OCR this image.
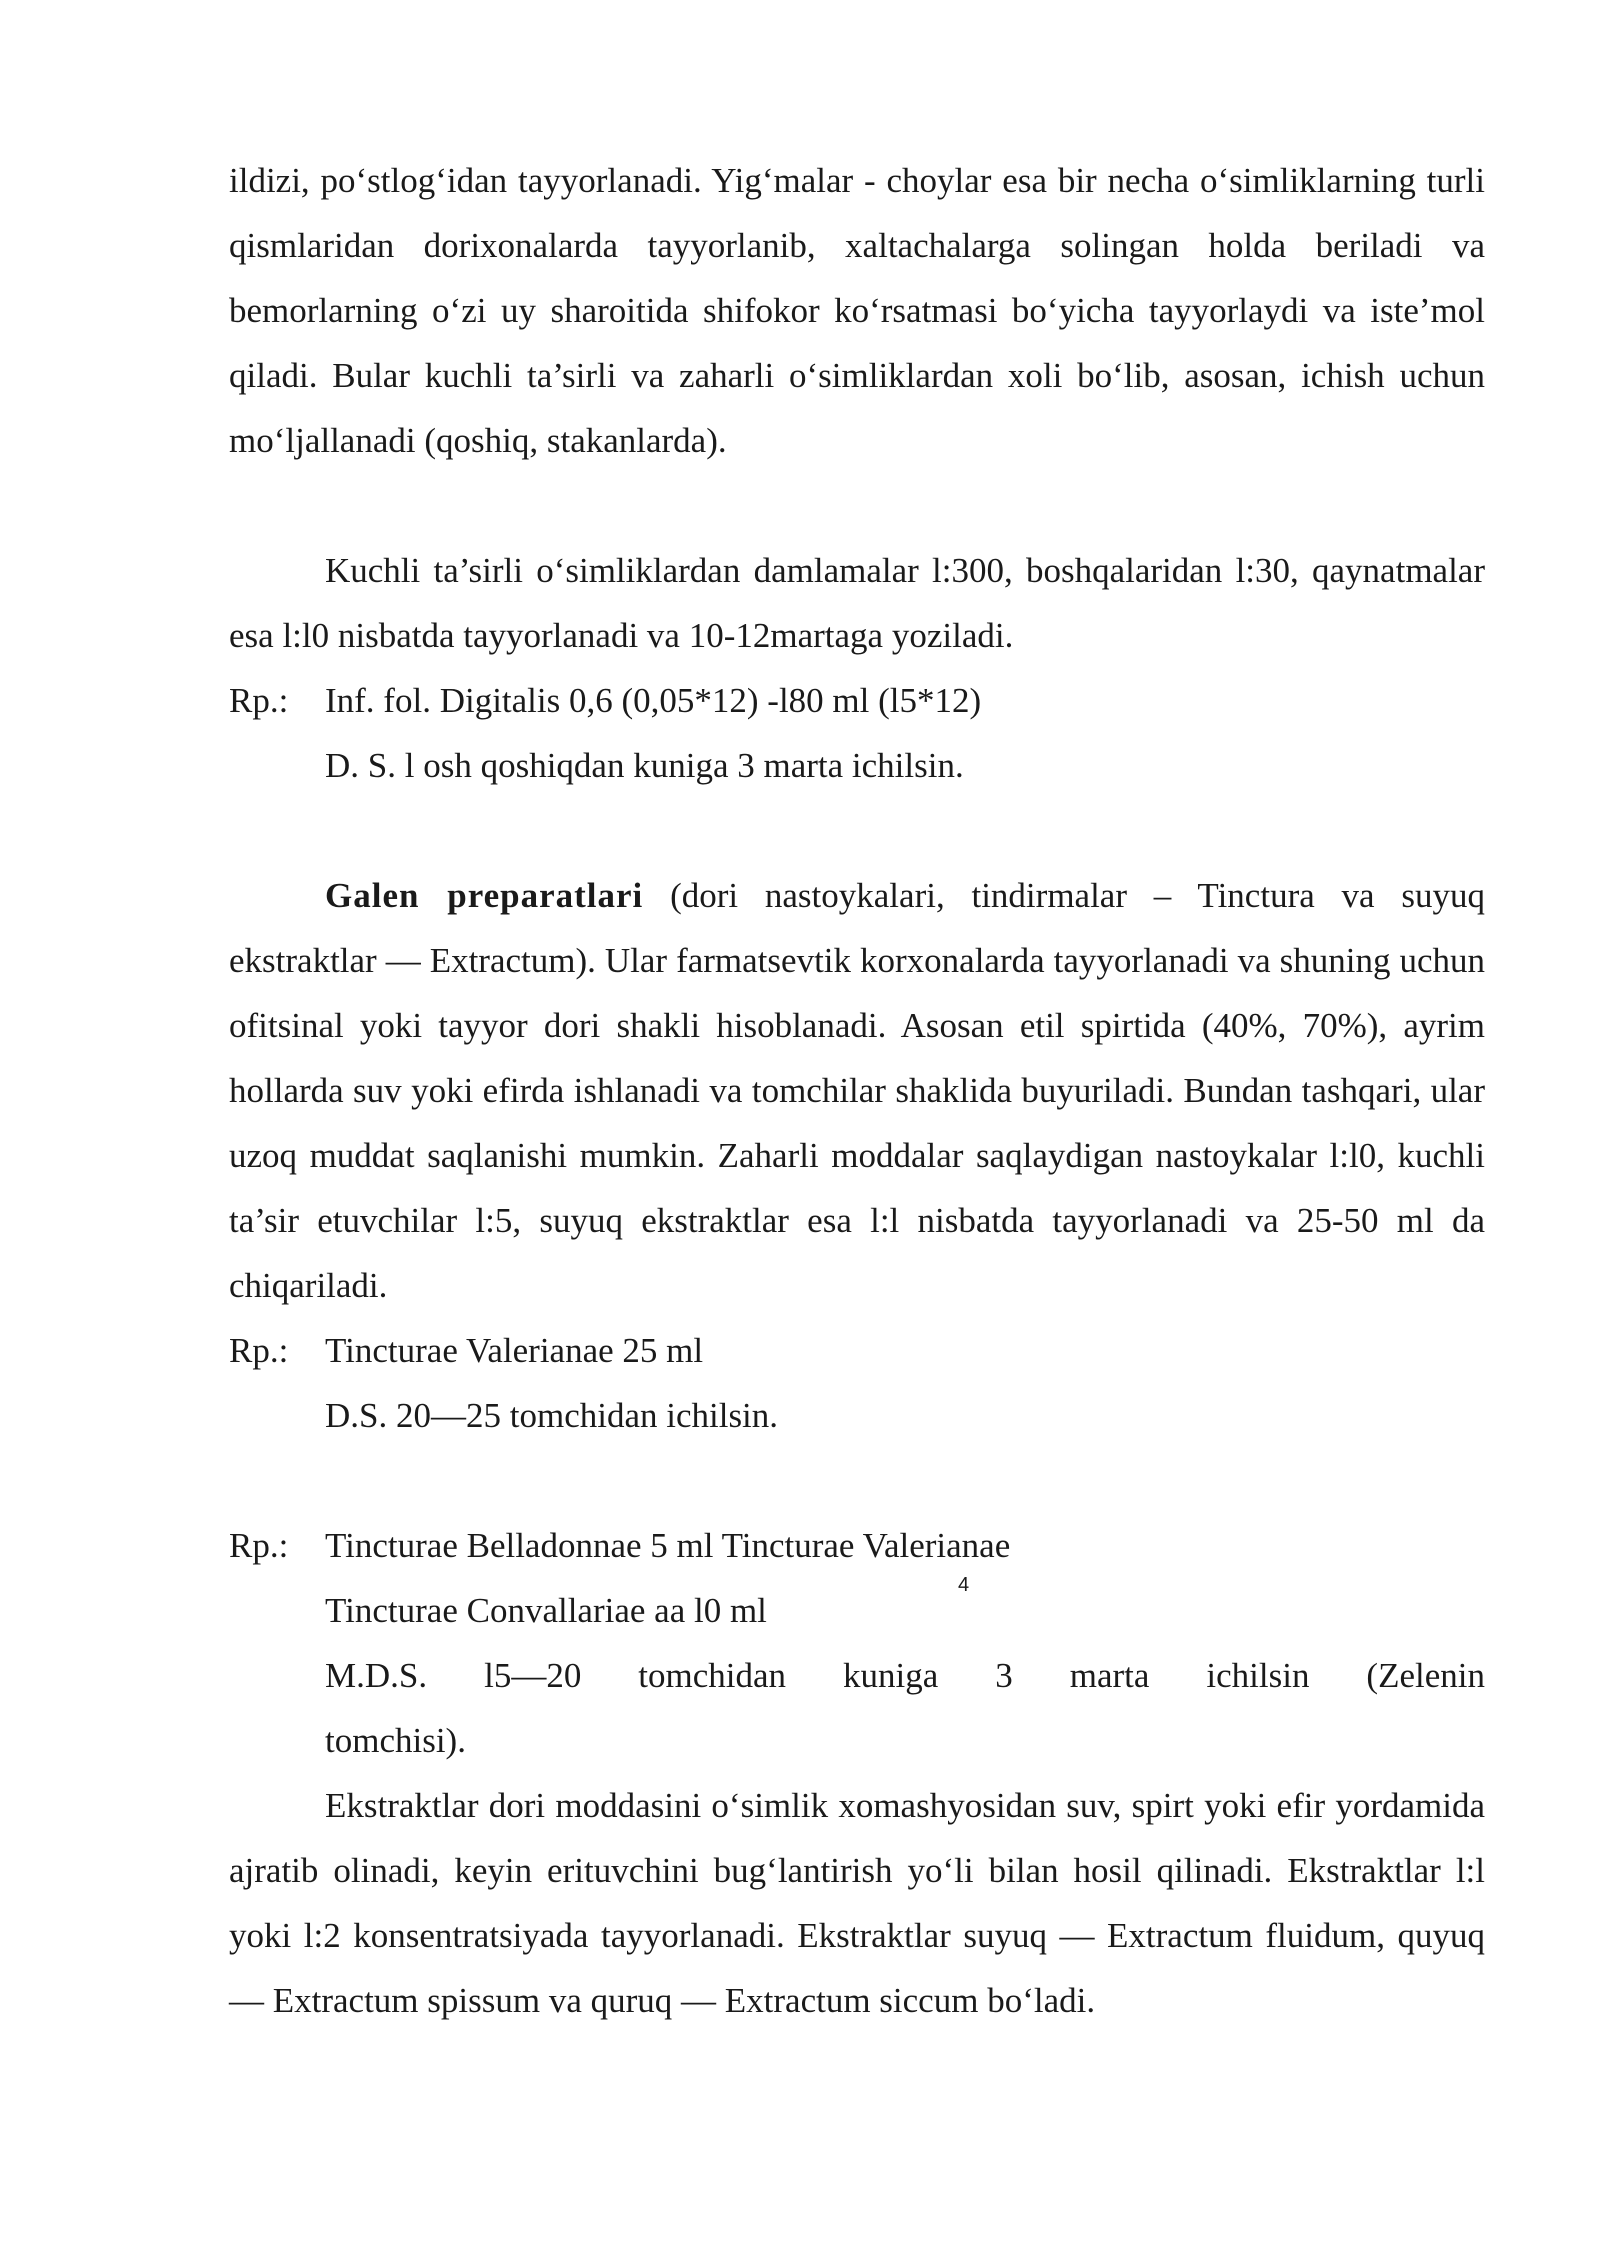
ildizi, po‘stlog‘idan tayyorlanadi. Yig‘malar - choylar esa bir necha o‘simliklarning turli qismlaridan dorixonalarda tayyorlanib, xaltachalarga solingan holda beriladi va bemorlarning o‘zi uy sharoitida shifokor ko‘rsatmasi bo‘yicha tayyorlaydi va iste’mol qiladi. Bular kuchli ta’sirli va zaharli o‘simliklardan xoli bo‘lib, asosan, ichish uchun mo‘ljallanadi (qoshiq, stakanlarda).

Kuchli ta’sirli o‘simliklardan damlamalar l:300, boshqalaridan l:30, qaynatmalar esa l:l0 nisbatda tayyorlanadi va 10-12martaga yoziladi.

Rp.:	Inf. fol. Digitalis 0,6 (0,05*12) -l80 ml (l5*12)
D. S. l osh qoshiqdan kuniga 3 marta ichilsin.

Galen preparatlari (dori nastoykalari, tindirmalar – Tinctura va suyuq ekstraktlar — Extractum). Ular farmatsevtik korxonalarda tayyorlanadi va shuning uchun ofitsinal yoki tayyor dori shakli hisoblanadi. Asosan etil spirtida (40%, 70%), ayrim hollarda suv yoki efirda ishlanadi va tomchilar shaklida buyuriladi. Bundan tashqari, ular uzoq muddat saqlanishi mumkin. Zaharli moddalar saqlaydigan nastoykalar l:l0, kuchli ta’sir etuvchilar l:5, suyuq ekstraktlar esa l:l nisbatda tayyorlanadi va 25-50 ml da chiqariladi.

Rp.:	Tincturae Valerianae 25 ml
D.S. 20—25 tomchidan ichilsin.
Rp.:	Tincturae Belladonnae 5 ml Tincturae Valerianae
Tincturae Convallariae aa l0 ml
M.D.S. l5—20 tomchidan kuniga 3 marta ichilsin (Zelenin

tomchisi).

Ekstraktlar dori moddasini o‘simlik xomashyosidan suv, spirt yoki efir yordamida ajratib olinadi, keyin erituvchini bug‘lantirish yo‘li bilan hosil qilinadi. Ekstraktlar l:l yoki l:2 konsentratsiyada tayyorlanadi. Ekstraktlar suyuq — Extractum fluidum, quyuq — Extractum spissum va quruq — Extractum siccum bo‘ladi.

4
